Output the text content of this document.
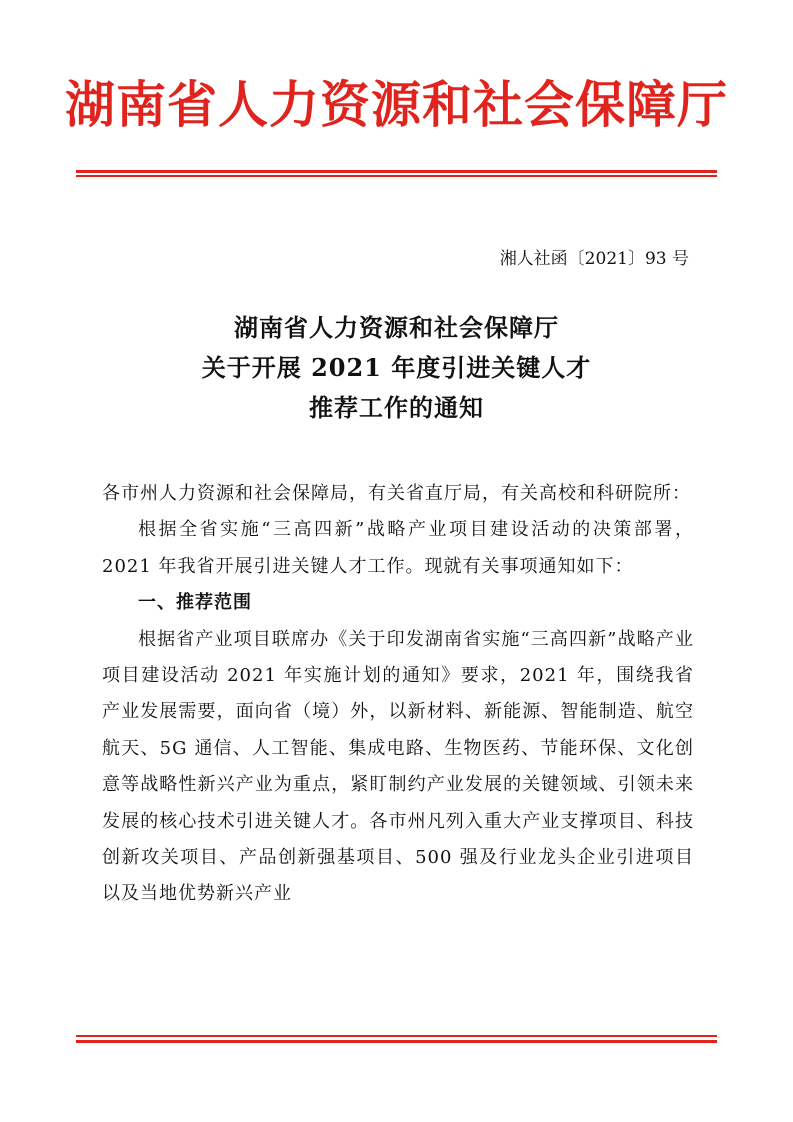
湖南省人力资源和社会保障厅
湘人社函〔2021〕93 号
湖南省人力资源和社会保障厅
关于开展 2021 年度引进关键人才
推荐工作的通知

各市州人力资源和社会保障局，有关省直厅局，有关高校和科研院所：

根据全省实施“三高四新”战略产业项目建设活动的决策部署，2021 年我省开展引进关键人才工作。现就有关事项通知如下：

一、推荐范围

根据省产业项目联席办《关于印发湖南省实施“三高四新”战略产业项目建设活动 2021 年实施计划的通知》要求，2021 年，围绕我省产业发展需要，面向省（境）外，以新材料、新能源、智能制造、航空航天、5G 通信、人工智能、集成电路、生物医药、节能环保、文化创意等战略性新兴产业为重点，紧盯制约产业发展的关键领域、引领未来发展的核心技术引进关键人才。各市州凡列入重大产业支撑项目、科技创新攻关项目、产品创新强基项目、500 强及行业龙头企业引进项目以及当地优势新兴产业
